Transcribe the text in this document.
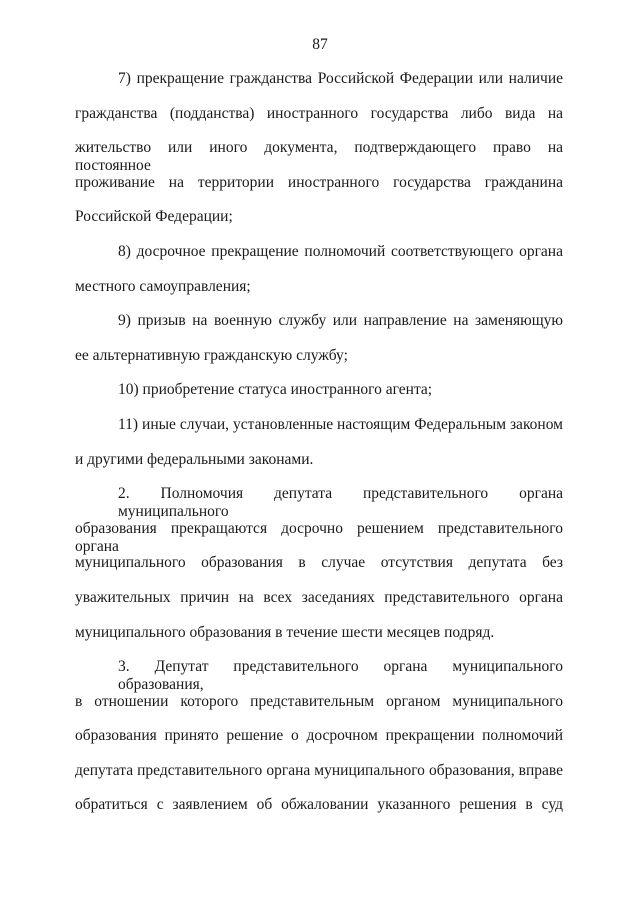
87
7) прекращение гражданства Российской Федерации или наличие
гражданства (подданства) иностранного государства либо вида на
жительство или иного документа, подтверждающего право на постоянное
проживание на территории иностранного государства гражданина
Российской Федерации;
8) досрочное прекращение полномочий соответствующего органа
местного самоуправления;
9) призыв на военную службу или направление на заменяющую
ее альтернативную гражданскую службу;
10) приобретение статуса иностранного агента;
11) иные случаи, установленные настоящим Федеральным законом
и другими федеральными законами.
2. Полномочия депутата представительного органа муниципального
образования прекращаются досрочно решением представительного органа
муниципального образования в случае отсутствия депутата без
уважительных причин на всех заседаниях представительного органа
муниципального образования в течение шести месяцев подряд.
3. Депутат представительного органа муниципального образования,
в отношении которого представительным органом муниципального
образования принято решение о досрочном прекращении полномочий
депутата представительного органа муниципального образования, вправе
обратиться с заявлением об обжаловании указанного решения в суд
